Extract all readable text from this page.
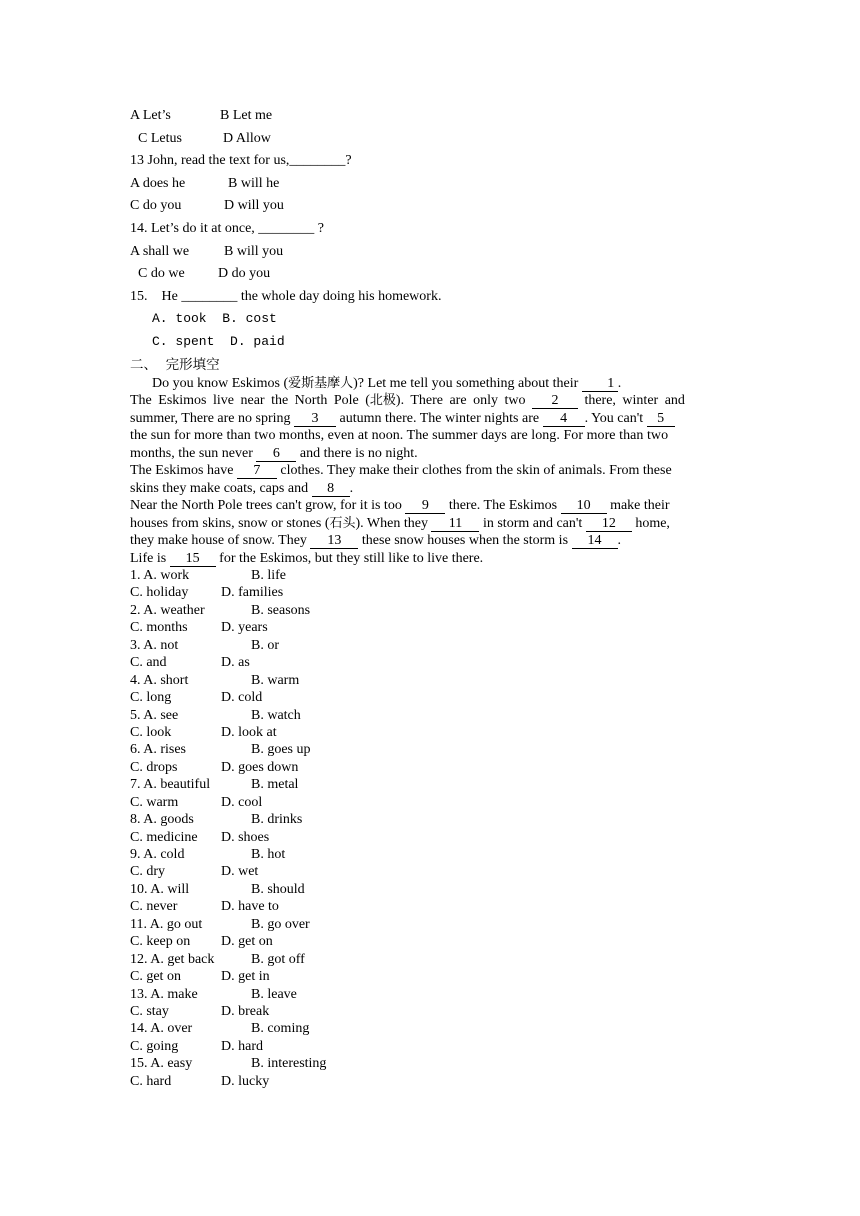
A Let’s	B Let me
C Letus	D Allow
13 John, read the text for us,________?
A does he	B will he
C do you	D will you
14. Let’s do it at once, ________ ?
A shall we B will you
C do we D do you
15.    He ________ the whole day doing his homework.
A. took  B. cost
C. spent  D. paid
二、  完形填空
Do you know Eskimos (爱斯基摩人)? Let me tell you something about their 1 .
The Eskimos live near the North Pole (北极). There are only two 2 there, winter and
summer, There are no spring 3 autumn there. The winter nights are 4 . You can't 5
the sun for more than two months, even at noon. The summer days are long. For more than two
months, the sun never 6 and there is no night.
The Eskimos have 7 clothes. They make their clothes from the skin of animals. From these
skins they make coats, caps and 8 .
Near the North Pole trees can't grow, for it is too 9 there. The Eskimos 10 make their
houses from skins, snow or stones (石头). When they 11 in storm and can't 12 home,
they make house of snow. They 13 these snow houses when the storm is 14 .
Life is 15 for the Eskimos, but they still like to live there.
1. A. work	B. life
C. holiday D. families
2. A. weather	B. seasons
C. months D. years
3. A. not	B. or
C. and	D. as
4. A. short	B. warm
C. long	D. cold
5. A. see	B. watch
C. look	D. look at
6. A. rises	B. goes up
C. drops	D. goes down
7. A. beautiful	B. metal
C. warm	D. cool
8. A. goods	B. drinks
C. medicine D. shoes
9. A. cold	B. hot
C. dry	D. wet
10. A. will	B. should
C. never	D. have to
11. A. go out	B. go over
C. keep on D. get on
12. A. get back	B. got off
C. get on	D. get in
13. A. make	B. leave
C. stay	D. break
14. A. over	B. coming
C. going	D. hard
15. A. easy	B. interesting
C. hard	D. lucky
